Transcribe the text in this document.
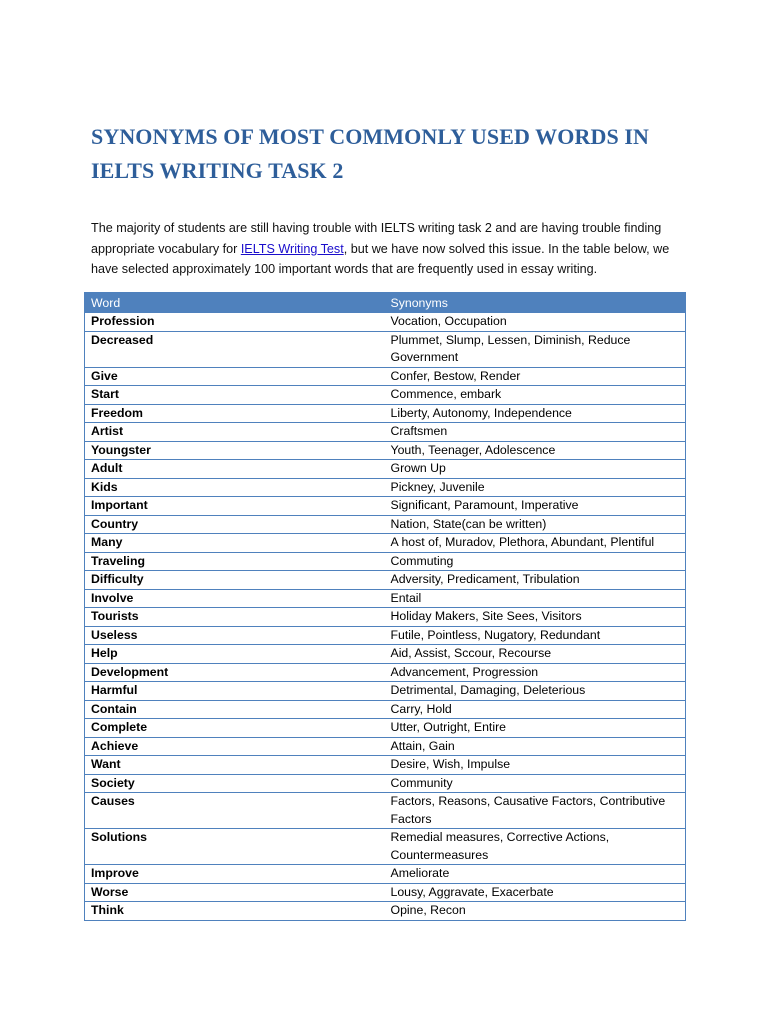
SYNONYMS OF MOST COMMONLY USED WORDS IN IELTS WRITING TASK 2

The majority of students are still having trouble with IELTS writing task 2 and are having trouble finding appropriate vocabulary for IELTS Writing Test, but we have now solved this issue. In the table below, we have selected approximately 100 important words that are frequently used in essay writing.

Word	Synonyms
Profession	Vocation, Occupation
Decreased	Plummet, Slump, Lessen, Diminish, Reduce Government
Give	Confer, Bestow, Render
Start	Commence, embark
Freedom	Liberty, Autonomy, Independence
Artist	Craftsmen
Youngster	Youth, Teenager, Adolescence
Adult	Grown Up
Kids	Pickney, Juvenile
Important	Significant, Paramount, Imperative
Country	Nation, State(can be written)
Many	A host of, Muradov, Plethora, Abundant, Plentiful
Traveling	Commuting
Difficulty	Adversity, Predicament, Tribulation
Involve	Entail
Tourists	Holiday Makers, Site Sees, Visitors
Useless	Futile, Pointless, Nugatory, Redundant
Help	Aid, Assist, Sccour, Recourse
Development	Advancement, Progression
Harmful	Detrimental, Damaging, Deleterious
Contain	Carry, Hold
Complete	Utter, Outright, Entire
Achieve	Attain, Gain
Want	Desire, Wish, Impulse
Society	Community
Causes	Factors, Reasons, Causative Factors, Contributive Factors
Solutions	Remedial measures, Corrective Actions, Countermeasures
Improve	Ameliorate
Worse	Lousy, Aggravate, Exacerbate
Think	Opine, Recon
